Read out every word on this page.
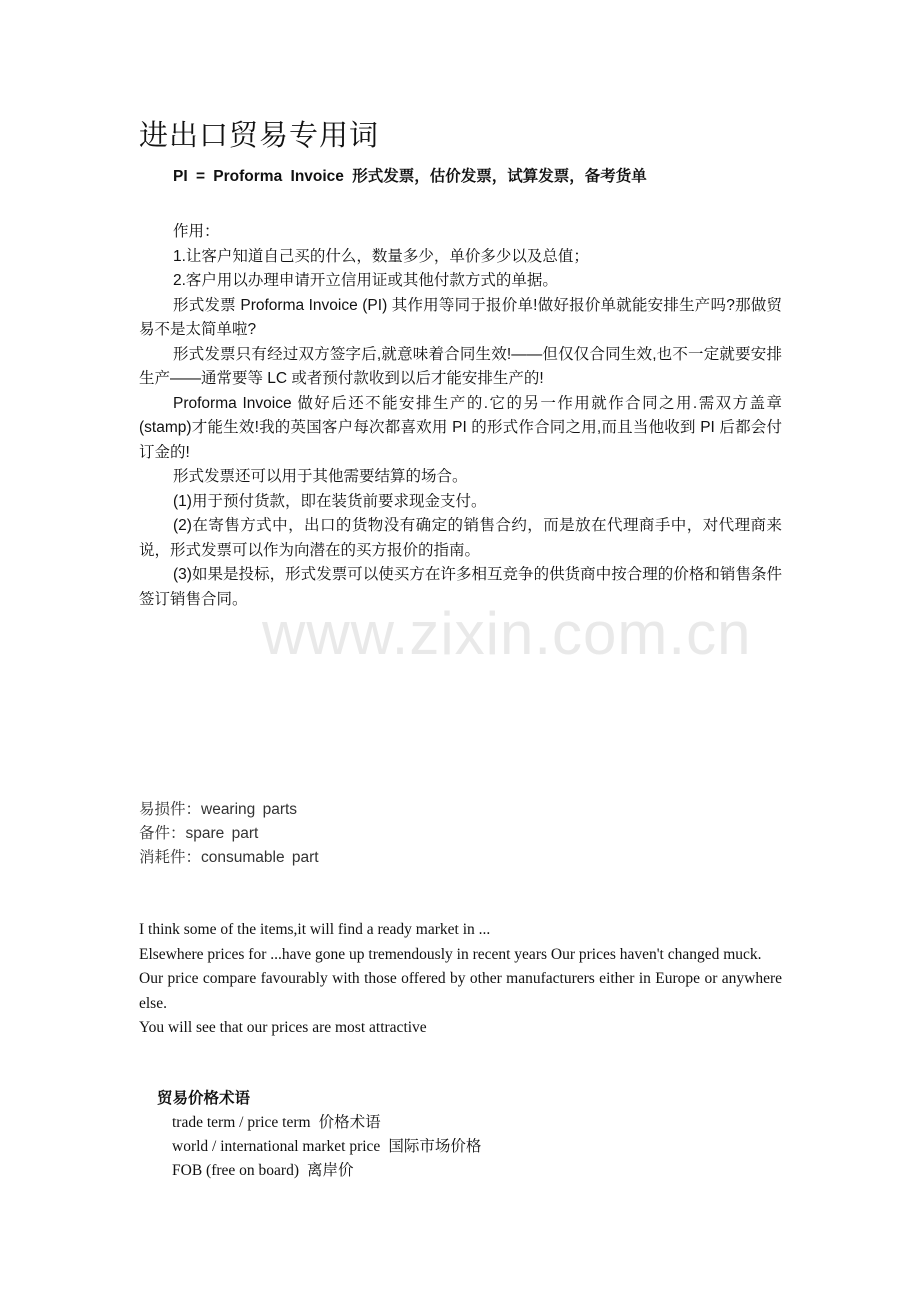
进出口贸易专用词

PI = Proforma Invoice 形式发票，估价发票，试算发票，备考货单

作用：

1.让客户知道自己买的什么，数量多少，单价多少以及总值；

2.客户用以办理申请开立信用证或其他付款方式的单据。

形式发票 Proforma Invoice (PI) 其作用等同于报价单!做好报价单就能安排生产吗?那做贸易不是太简单啦?

形式发票只有经过双方签字后,就意味着合同生效!——但仅仅合同生效,也不一定就要安排生产——通常要等 LC 或者预付款收到以后才能安排生产的!

Proforma Invoice 做好后还不能安排生产的.它的另一作用就作合同之用.需双方盖章(stamp)才能生效!我的英国客户每次都喜欢用 PI 的形式作合同之用,而且当他收到 PI 后都会付订金的!

形式发票还可以用于其他需要结算的场合。

(1)用于预付货款，即在装货前要求现金支付。

(2)在寄售方式中，出口的货物没有确定的销售合约，而是放在代理商手中，对代理商来说，形式发票可以作为向潜在的买方报价的指南。

(3)如果是投标，形式发票可以使买方在许多相互竞争的供货商中按合理的价格和销售条件签订销售合同。

www.zixin.com.cn

易损件：wearing parts

备件：spare part

消耗件：consumable part

I think some of the items,it will find a ready market in ...

Elsewhere prices for ...have gone up tremendously in recent years Our prices haven't changed muck.

Our price compare favourably with those offered by other manufacturers either in Europe or anywhere else.

You will see that our prices are most attractive

贸易价格术语

trade term / price term 价格术语

world / international market price 国际市场价格

FOB (free on board) 离岸价
